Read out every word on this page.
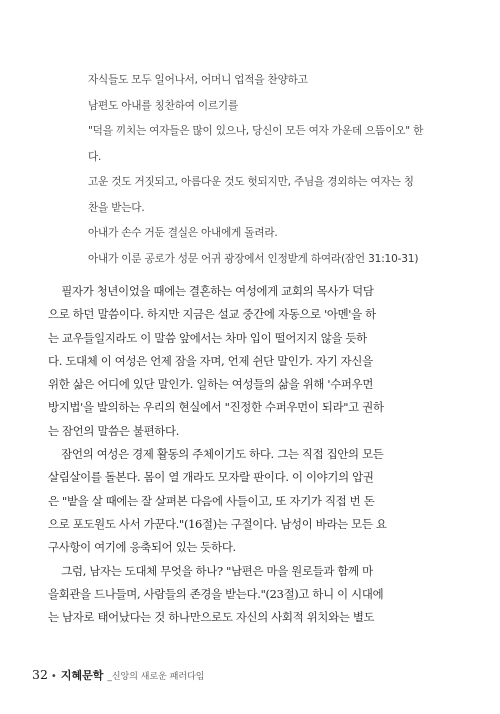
자식들도 모두 일어나서, 어머니 업적을 찬양하고
남편도 아내를 칭찬하여 이르기를
"덕을 끼치는 여자들은 많이 있으나, 당신이 모든 여자 가운데 으뜸이오" 한
다.
고운 것도 거짓되고, 아름다운 것도 헛되지만, 주님을 경외하는 여자는 칭
찬을 받는다.
아내가 손수 거둔 결실은 아내에게 돌려라.
아내가 이룬 공로가 성문 어귀 광장에서 인정받게 하여라(잠언 31:10-31)
필자가 청년이었을 때에는 결혼하는 여성에게 교회의 목사가 덕담
으로 하던 말씀이다. 하지만 지금은 설교 중간에 자동으로 '아멘'을 하
는 교우들일지라도 이 말씀 앞에서는 차마 입이 떨어지지 않을 듯하
다. 도대체 이 여성은 언제 잠을 자며, 언제 쉰단 말인가. 자기 자신을
위한 삶은 어디에 있단 말인가. 일하는 여성들의 삶을 위해 '수퍼우먼
방지법'을 발의하는 우리의 현실에서 "진정한 수퍼우먼이 되라"고 권하
는 잠언의 말씀은 불편하다.
잠언의 여성은 경제 활동의 주체이기도 하다. 그는 직접 집안의 모든
살림살이를 돌본다. 몸이 열 개라도 모자랄 판이다. 이 이야기의 압권
은 "밭을 살 때에는 잘 살펴본 다음에 사들이고, 또 자기가 직접 번 돈
으로 포도원도 사서 가꾼다."(16절)는 구절이다. 남성이 바라는 모든 요
구사항이 여기에 응축되어 있는 듯하다.
그럼, 남자는 도대체 무엇을 하나? "남편은 마을 원로들과 함께 마
을회관을 드나들며, 사람들의 존경을 받는다."(23절)고 하니 이 시대에
는 남자로 태어났다는 것 하나만으로도 자신의 사회적 위치와는 별도
32 • 지혜문학 _신앙의 새로운 패러다임
